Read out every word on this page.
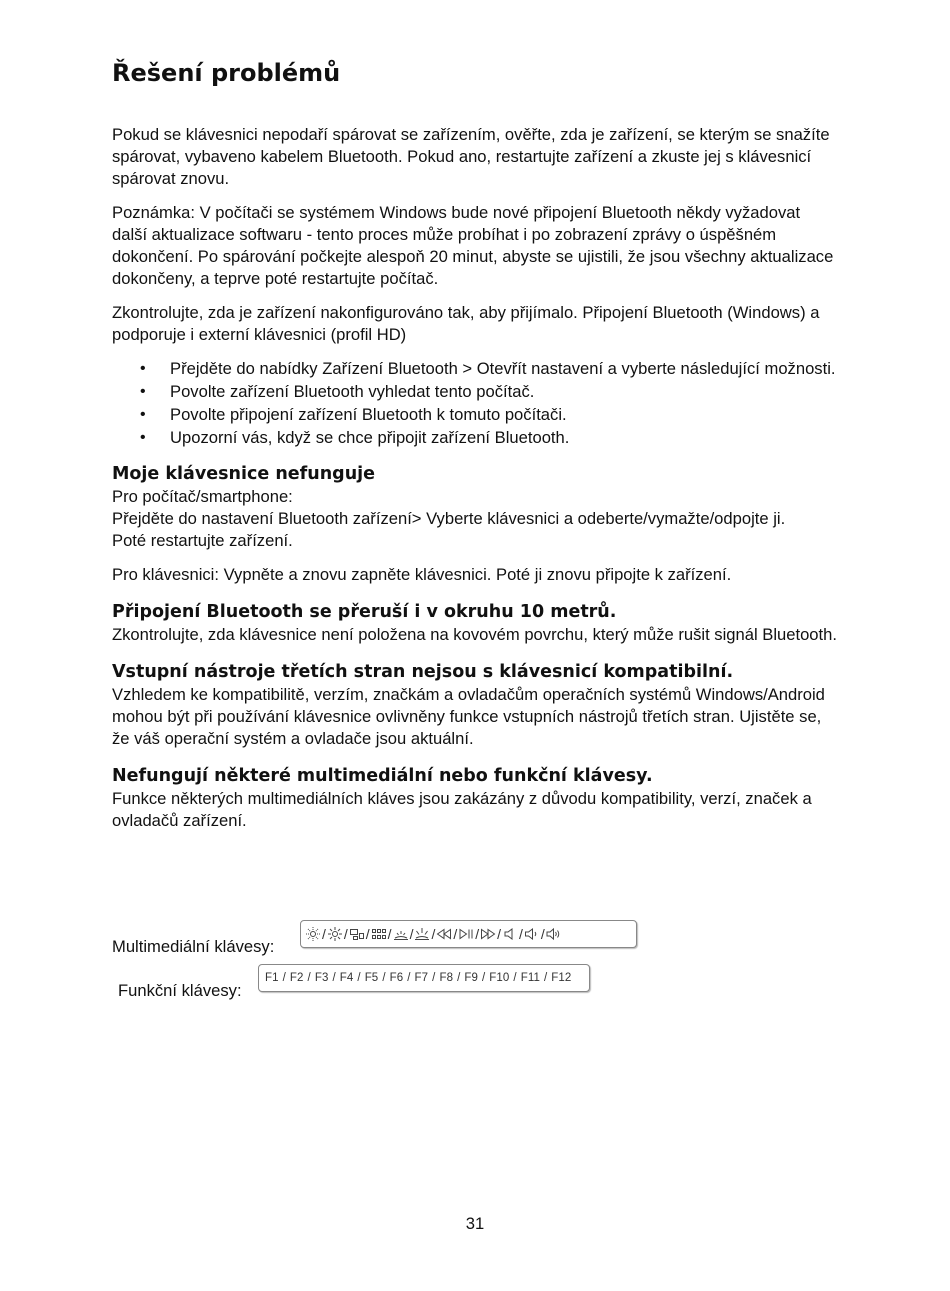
Řešení problémů

Pokud se klávesnici nepodaří spárovat se zařízením, ověřte, zda je zařízení, se kterým se snažíte spárovat, vybaveno kabelem Bluetooth. Pokud ano, restartujte zařízení a zkuste jej s klávesnicí spárovat znovu.

Poznámka: V počítači se systémem Windows bude nové připojení Bluetooth někdy vyžadovat další aktualizace softwaru - tento proces může probíhat i po zobrazení zprávy o úspěšném dokončení. Po spárování počkejte alespoň 20 minut, abyste se ujistili, že jsou všechny aktualizace dokončeny, a teprve poté restartujte počítač.

Zkontrolujte, zda je zařízení nakonfigurováno tak, aby přijímalo. Připojení Bluetooth (Windows) a podporuje i externí klávesnici (profil HD)

• Přejděte do nabídky Zařízení Bluetooth > Otevřít nastavení a vyberte následující možnosti.
• Povolte zařízení Bluetooth vyhledat tento počítač.
• Povolte připojení zařízení Bluetooth k tomuto počítači.
• Upozorní vás, když se chce připojit zařízení Bluetooth.
Moje klávesnice nefunguje

Pro počítač/smartphone:

Přejděte do nastavení Bluetooth zařízení> Vyberte klávesnici a odeberte/vymažte/odpojte ji.

Poté restartujte zařízení.

Pro klávesnici: Vypněte a znovu zapněte klávesnici. Poté ji znovu připojte k zařízení.

Připojení Bluetooth se přeruší i v okruhu 10 metrů.

Zkontrolujte, zda klávesnice není položena na kovovém povrchu, který může rušit signál Bluetooth.

Vstupní nástroje třetích stran nejsou s klávesnicí kompatibilní.

Vzhledem ke kompatibilitě, verzím, značkám a ovladačům operačních systémů Windows/Android mohou být při používání klávesnice ovlivněny funkce vstupních nástrojů třetích stran. Ujistěte se, že váš operační systém a ovladače jsou aktuální.

Nefungují některé multimediální nebo funkční klávesy.

Funkce některých multimediálních kláves jsou zakázány z důvodu kompatibility, verzí, značek a ovladačů zařízení.

Multimediální klávesy:
/ / / / / / / / / / /
Funkční klávesy:
F1 / F2 / F3 / F4 / F5 / F6 / F7 / F8 / F9 / F10 / F11 / F12
31
